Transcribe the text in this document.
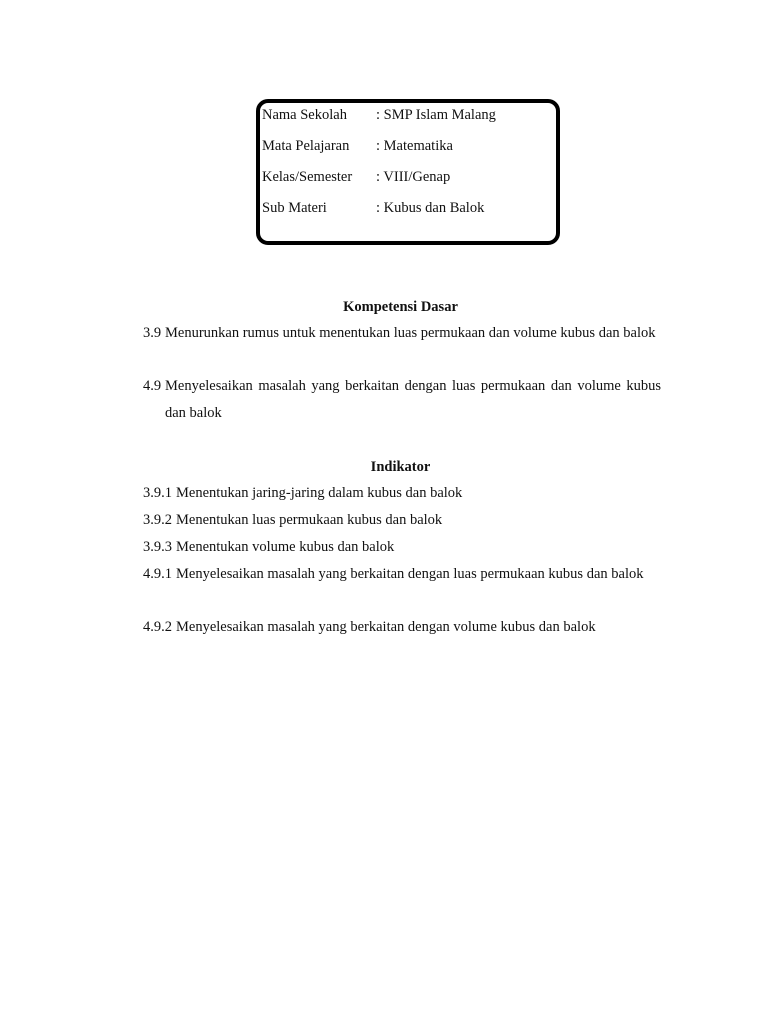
Nama Sekolah : SMP Islam Malang
Mata Pelajaran : Matematika
Kelas/Semester : VIII/Genap
Sub Materi	: Kubus dan Balok
Kompetensi Dasar
3.9 Menurunkan rumus untuk menentukan luas permukaan dan volume kubus dan balok
4.9 Menyelesaikan masalah yang berkaitan dengan luas permukaan dan volume kubus dan balok
Indikator
3.9.1 Menentukan jaring-jaring dalam kubus dan balok
3.9.2 Menentukan luas permukaan kubus dan balok
3.9.3 Menentukan volume kubus dan balok
4.9.1 Menyelesaikan masalah yang berkaitan dengan luas permukaan kubus dan balok
4.9.2 Menyelesaikan masalah yang berkaitan dengan volume kubus dan balok
